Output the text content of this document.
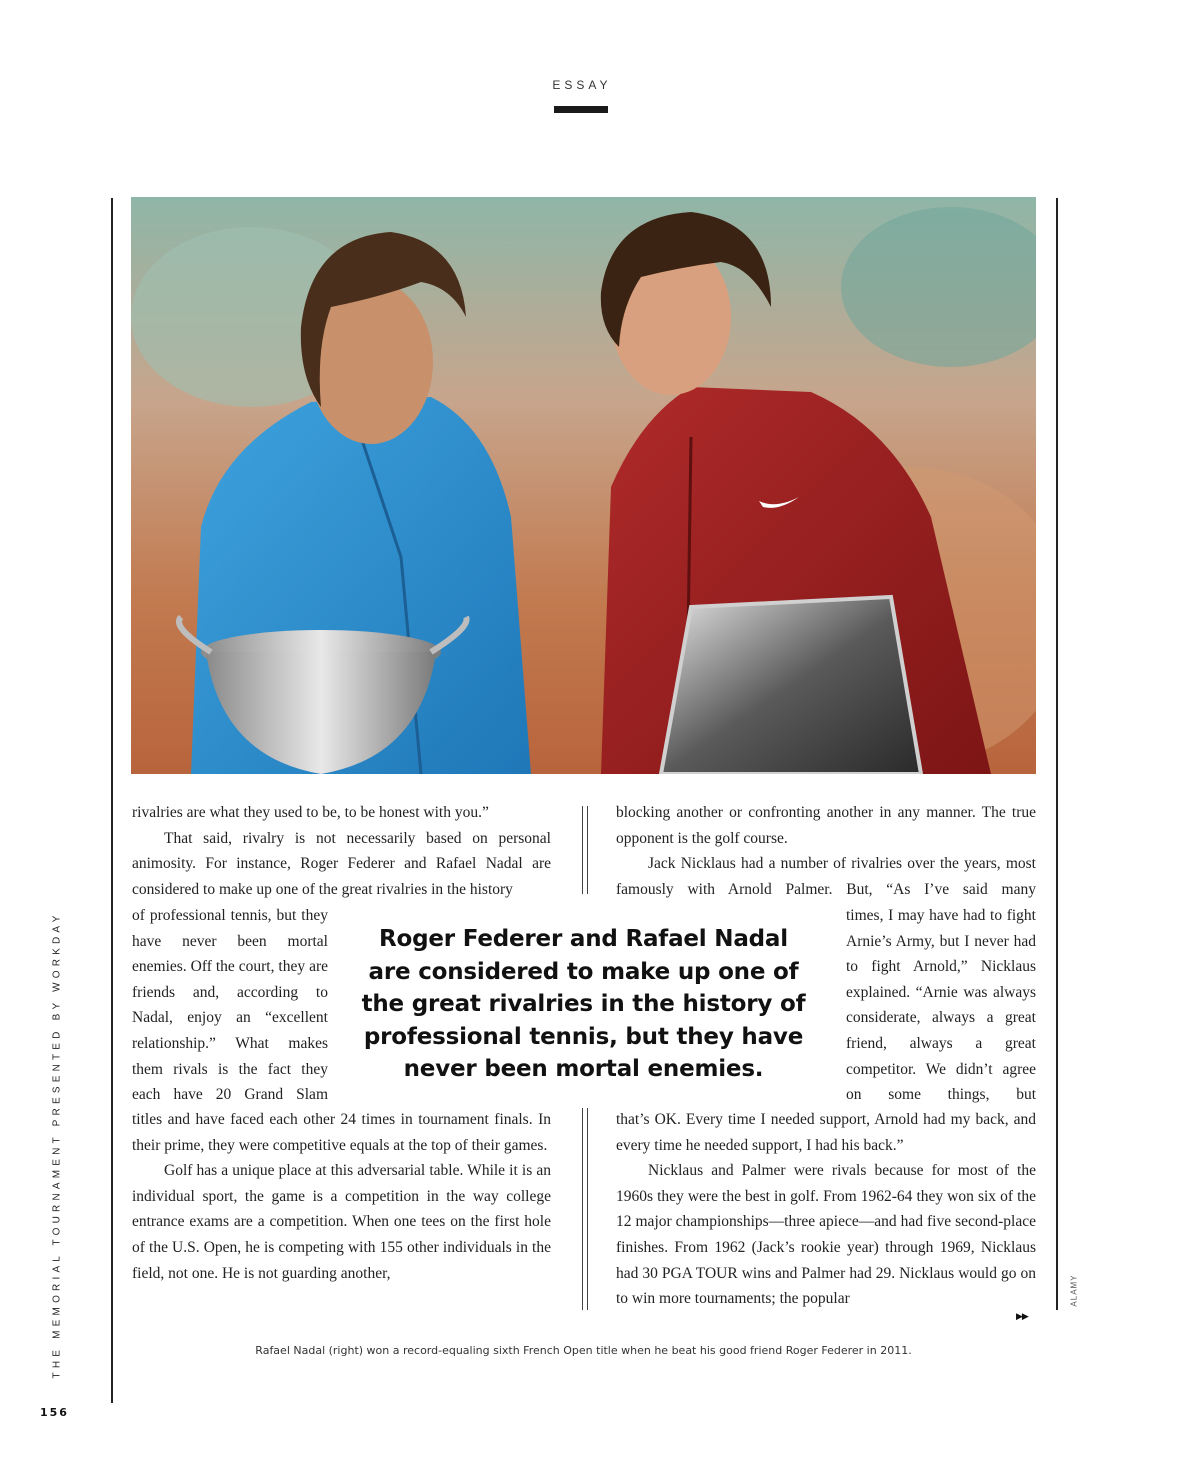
ESSAY

rivalries are what they used to be, to be honest with you.”

That said, rivalry is not necessarily based on personal animosity. For instance, Roger Federer and Rafael Nadal are considered to make up one of the great rivalries in the history

of professional tennis, but they have never been mortal enemies. Off the court, they are friends and, according to Nadal, enjoy an “excellent relationship.” What makes them rivals is the fact they each have 20 Grand Slam

titles and have faced each other 24 times in tournament finals. In their prime, they were competitive equals at the top of their games.

Golf has a unique place at this adversarial table. While it is an individual sport, the game is a competition in the way college entrance exams are a competition. When one tees on the first hole of the U.S. Open, he is competing with 155 other individuals in the field, not one. He is not guarding another,

blocking another or confronting another in any manner. The true opponent is the golf course.

Jack Nicklaus had a number of rivalries over the years, most famously with Arnold Palmer. But, “As I’ve said many

times, I may have had to fight Arnie’s Army, but I never had to fight Arnold,” Nicklaus explained. “Arnie was always considerate, always a great friend, always a great competitor. We didn’t agree on some things, but

that’s OK. Every time I needed support, Arnold had my back, and every time he needed support, I had his back.”

Nicklaus and Palmer were rivals because for most of the 1960s they were the best in golf. From 1962-64 they won six of the 12 major championships—three apiece—and had five second-place finishes. From 1962 (Jack’s rookie year) through 1969, Nicklaus had 30 PGA TOUR wins and Palmer had 29. Nicklaus would go on to win more tournaments; the popular

Roger Federer and Rafael Nadal are considered to make up one of the great rivalries in the history of professional tennis, but they have never been mortal enemies.
▶▶
ALAMY
Rafael Nadal (right) won a record-equaling sixth French Open title when he beat his good friend Roger Federer in 2011.
THE MEMORIAL TOURNAMENT PRESENTED BY WORKDAY
156
